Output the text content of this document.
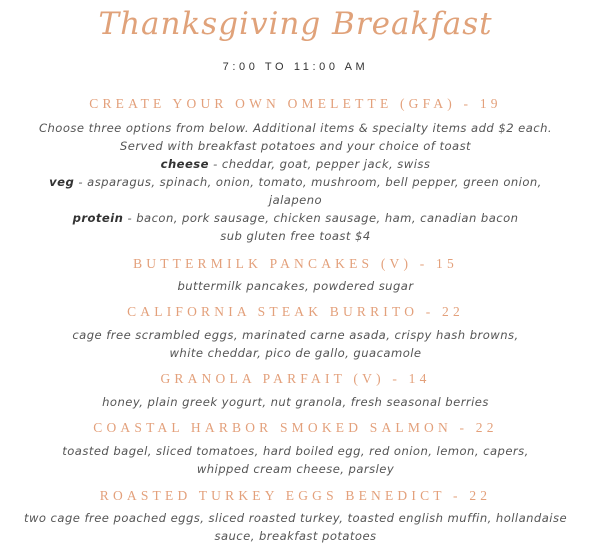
Thanksgiving Breakfast
7:00 TO 11:00 AM
CREATE YOUR OWN OMELETTE (GFA) - 19
Choose three options from below. Additional items & specialty items add $2 each.
Served with breakfast potatoes and your choice of toast
cheese - cheddar, goat, pepper jack, swiss
veg - asparagus, spinach, onion, tomato, mushroom, bell pepper, green onion,
jalapeno
protein - bacon, pork sausage, chicken sausage, ham, canadian bacon
sub gluten free toast $4
BUTTERMILK PANCAKES (V) - 15
buttermilk pancakes, powdered sugar
CALIFORNIA STEAK BURRITO - 22
cage free scrambled eggs, marinated carne asada, crispy hash browns,
white cheddar, pico de gallo, guacamole
GRANOLA PARFAIT (V) - 14
honey, plain greek yogurt, nut granola, fresh seasonal berries
COASTAL HARBOR SMOKED SALMON - 22
toasted bagel, sliced tomatoes, hard boiled egg, red onion, lemon, capers,
whipped cream cheese, parsley
ROASTED TURKEY EGGS BENEDICT - 22
two cage free poached eggs, sliced roasted turkey, toasted english muffin, hollandaise
sauce, breakfast potatoes
